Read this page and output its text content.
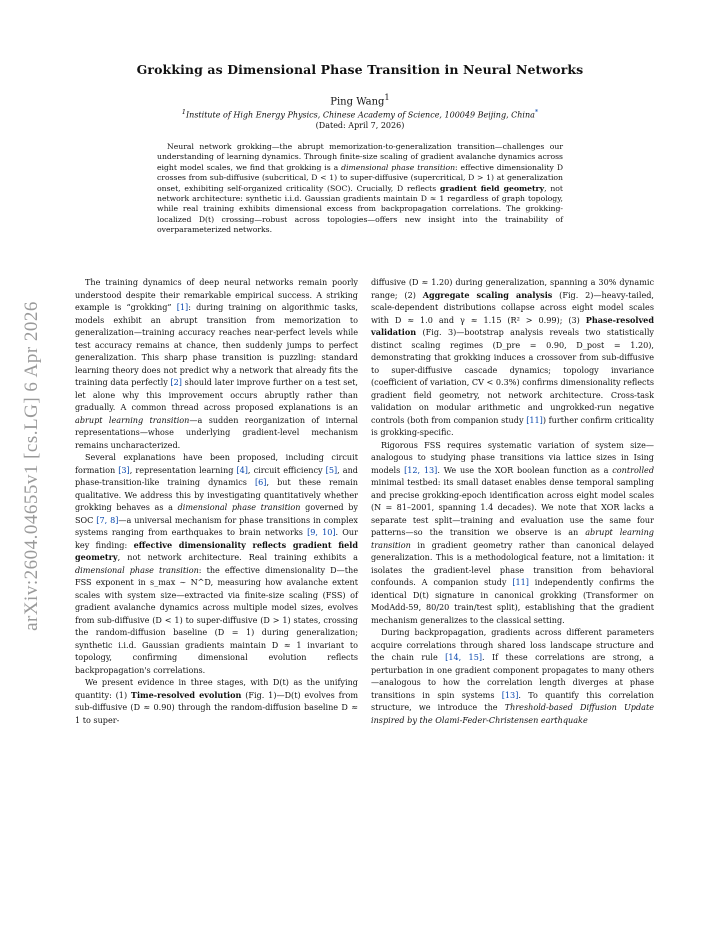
Grokking as Dimensional Phase Transition in Neural Networks
Ping Wang$^1$
$^1$Institute of High Energy Physics, Chinese Academy of Science, 100049 Beijing, China*
(Dated: April 7, 2026)
Neural network grokking—the abrupt memorization-to-generalization transition—challenges our understanding of learning dynamics. Through finite-size scaling of gradient avalanche dynamics across eight model scales, we find that grokking is a dimensional phase transition: effective dimensionality D crosses from sub-diffusive (subcritical, D < 1) to super-diffusive (supercritical, D > 1) at generalization onset, exhibiting self-organized criticality (SOC). Crucially, D reflects gradient field geometry, not network architecture: synthetic i.i.d. Gaussian gradients maintain D ≈ 1 regardless of graph topology, while real training exhibits dimensional excess from backpropagation correlations. The grokking-localized D(t) crossing—robust across topologies—offers new insight into the trainability of overparameterized networks.
arXiv:2604.04655v1 [cs.LG] 6 Apr 2026

The training dynamics of deep neural networks remain poorly understood despite their remarkable empirical success. A striking example is “grokking” [1]: during training on algorithmic tasks, models exhibit an abrupt transition from memorization to generalization—training accuracy reaches near-perfect levels while test accuracy remains at chance, then suddenly jumps to perfect generalization. This sharp phase transition is puzzling: standard learning theory does not predict why a network that already fits the training data perfectly [2] should later improve further on a test set, let alone why this improvement occurs abruptly rather than gradually. A common thread across proposed explanations is an abrupt learning transition—a sudden reorganization of internal representations—whose underlying gradient-level mechanism remains uncharacterized.

Several explanations have been proposed, including circuit formation [3], representation learning [4], circuit efficiency [5], and phase-transition-like training dynamics [6], but these remain qualitative. We address this by investigating quantitatively whether grokking behaves as a dimensional phase transition governed by SOC [7, 8]—a universal mechanism for phase transitions in complex systems ranging from earthquakes to brain networks [9, 10]. Our key finding: effective dimensionality reflects gradient field geometry, not network architecture. Real training exhibits a dimensional phase transition: the effective dimensionality D—the FSS exponent in s_max ∼ N^D, measuring how avalanche extent scales with system size—extracted via finite-size scaling (FSS) of gradient avalanche dynamics across multiple model sizes, evolves from sub-diffusive (D < 1) to super-diffusive (D > 1) states, crossing the random-diffusion baseline (D = 1) during generalization; synthetic i.i.d. Gaussian gradients maintain D ≈ 1 invariant to topology, confirming dimensional evolution reflects backpropagation's correlations.

We present evidence in three stages, with D(t) as the unifying quantity: (1) Time-resolved evolution (Fig. 1)—D(t) evolves from sub-diffusive (D ≈ 0.90) through the random-diffusion baseline D ≈ 1 to super-

diffusive (D ≈ 1.20) during generalization, spanning a 30% dynamic range; (2) Aggregate scaling analysis (Fig. 2)—heavy-tailed, scale-dependent distributions collapse across eight model scales with D ≈ 1.0 and γ ≈ 1.15 (R² > 0.99); (3) Phase-resolved validation (Fig. 3)—bootstrap analysis reveals two statistically distinct scaling regimes (D_pre = 0.90, D_post = 1.20), demonstrating that grokking induces a crossover from sub-diffusive to super-diffusive cascade dynamics; topology invariance (coefficient of variation, CV < 0.3%) confirms dimensionality reflects gradient field geometry, not network architecture. Cross-task validation on modular arithmetic and ungrokked-run negative controls (both from companion study [11]) further confirm criticality is grokking-specific.

Rigorous FSS requires systematic variation of system size—analogous to studying phase transitions via lattice sizes in Ising models [12, 13]. We use the XOR boolean function as a controlled minimal testbed: its small dataset enables dense temporal sampling and precise grokking-epoch identification across eight model scales (N = 81–2001, spanning 1.4 decades). We note that XOR lacks a separate test split—training and evaluation use the same four patterns—so the transition we observe is an abrupt learning transition in gradient geometry rather than canonical delayed generalization. This is a methodological feature, not a limitation: it isolates the gradient-level phase transition from behavioral confounds. A companion study [11] independently confirms the identical D(t) signature in canonical grokking (Transformer on ModAdd-59, 80/20 train/test split), establishing that the gradient mechanism generalizes to the classical setting.

During backpropagation, gradients across different parameters acquire correlations through shared loss landscape structure and the chain rule [14, 15]. If these correlations are strong, a perturbation in one gradient component propagates to many others—analogous to how the correlation length diverges at phase transitions in spin systems [13]. To quantify this correlation structure, we introduce the Threshold-based Diffusion Update inspired by the Olami-Feder-Christensen earthquake
